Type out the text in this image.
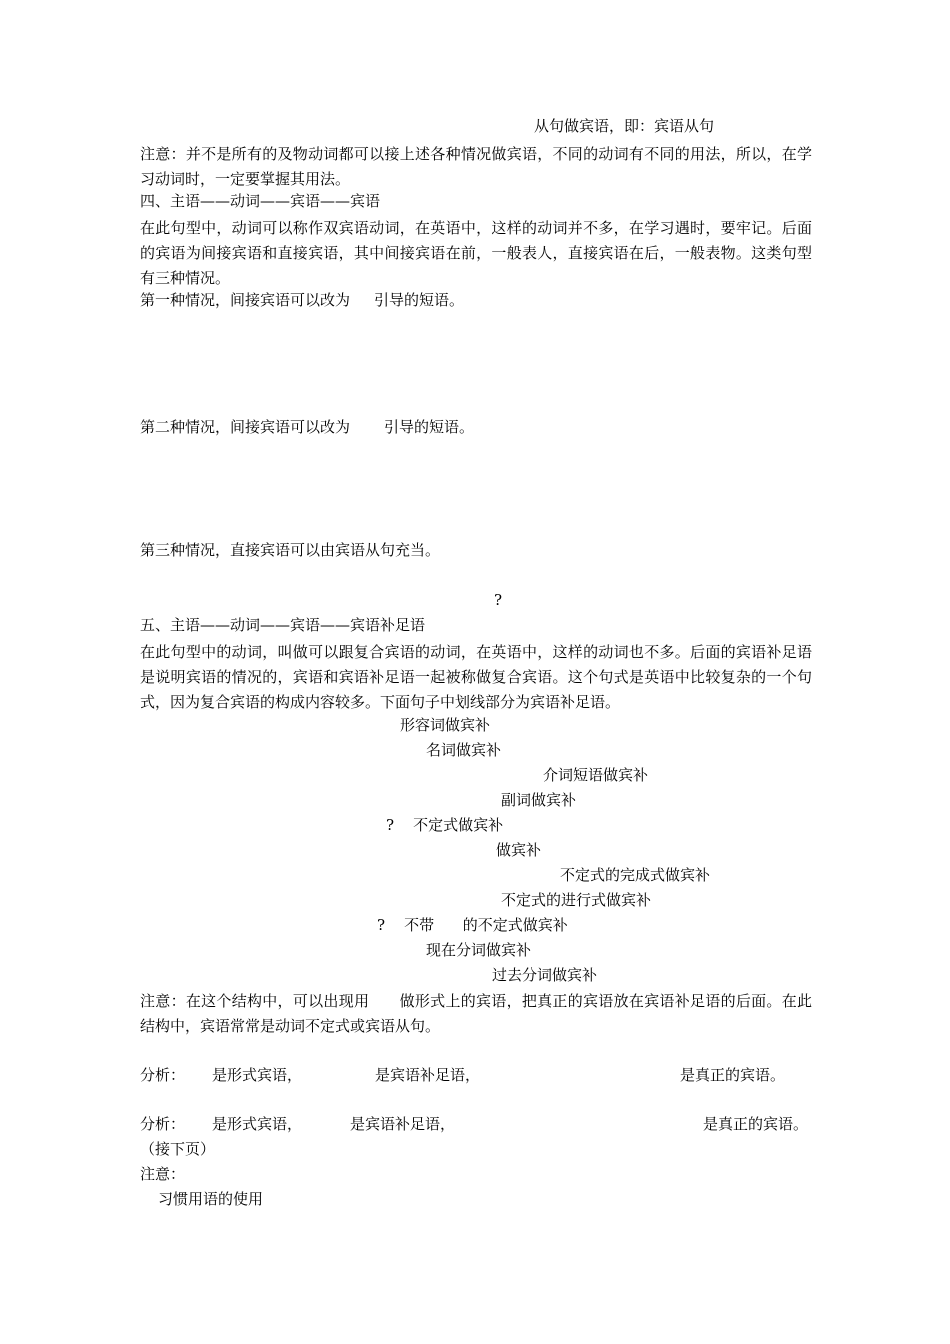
从句做宾语，即：宾语从句
注意：并不是所有的及物动词都可以接上述各种情况做宾语，不同的动词有不同的用法，所以，在学习动词时，一定要掌握其用法。
四、主语——动词——宾语——宾语
在此句型中，动词可以称作双宾语动词，在英语中，这样的动词并不多，在学习遇时，要牢记。后面的宾语为间接宾语和直接宾语，其中间接宾语在前，一般表人，直接宾语在后，一般表物。这类句型有三种情况。
第一种情况，间接宾语可以改为 引导的短语。
第二种情况，间接宾语可以改为 引导的短语。
第三种情况，直接宾语可以由宾语从句充当。
?
五、主语——动词——宾语——宾语补足语
在此句型中的动词，叫做可以跟复合宾语的动词，在英语中，这样的动词也不多。后面的宾语补足语是说明宾语的情况的，宾语和宾语补足语一起被称做复合宾语。这个句式是英语中比较复杂的一个句式，因为复合宾语的构成内容较多。下面句子中划线部分为宾语补足语。
形容词做宾补
名词做宾补
介词短语做宾补
副词做宾补
?    不定式做宾补
做宾补
不定式的完成式做宾补
不定式的进行式做宾补
?    不带      的不定式做宾补
现在分词做宾补
过去分词做宾补
注意：在这个结构中，可以出现用      做形式上的宾语，把真正的宾语放在宾语补足语的后面。在此结构中，宾语常常是动词不定式或宾语从句。
分析： 是形式宾语，	是宾语补足语，	是真正的宾语。
分析： 是形式宾语，	是宾语补足语，	是真正的宾语。
（接下页）
注意：
习惯用语的使用
